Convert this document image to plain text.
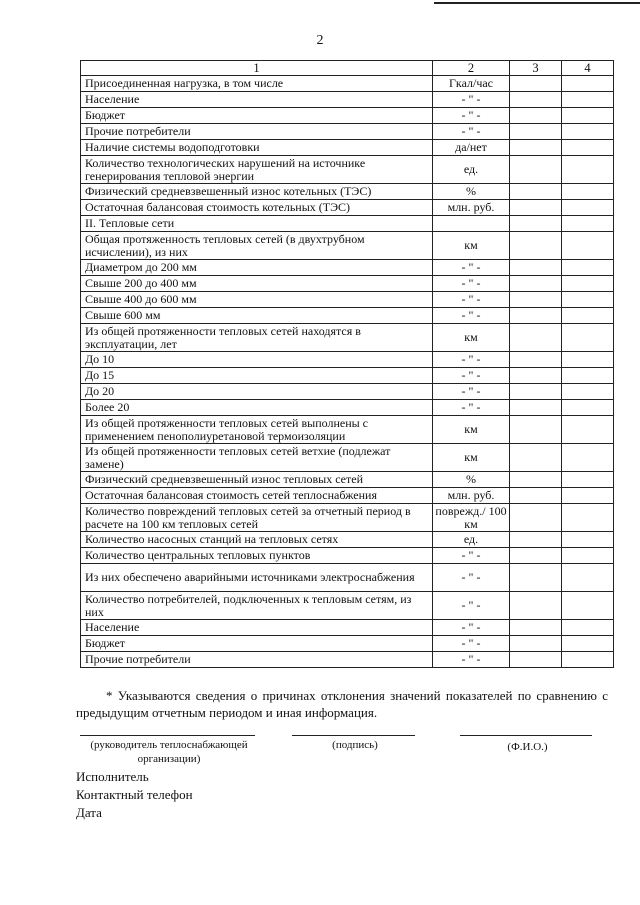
2
1	2	3	4
Присоединенная нагрузка, в том числе	Гкал/час		
Население	- " -		
Бюджет	- " -		
Прочие потребители	- " -		
Наличие системы водоподготовки	да/нет		
Количество технологических нарушений на источнике генерирования тепловой энергии	ед.		
Физический средневзвешенный износ котельных (ТЭС)	%		
Остаточная балансовая стоимость котельных (ТЭС)	млн. руб.		
II. Тепловые сети			
Общая протяженность тепловых сетей (в двухтрубном исчислении), из них	км		
Диаметром до 200 мм	- " -		
Свыше 200 до 400 мм	- " -		
Свыше 400 до 600 мм	- " -		
Свыше 600 мм	- " -		
Из общей протяженности тепловых сетей находятся в эксплуатации, лет	км		
До 10	- " -		
До 15	- " -		
До 20	- " -		
Более 20	- " -		
Из общей протяженности тепловых сетей выполнены с применением пенополиуретановой термоизоляции	км		
Из общей протяженности тепловых сетей ветхие (подлежат замене)	км		
Физический средневзвешенный износ тепловых сетей	%		
Остаточная балансовая стоимость сетей теплоснабжения	млн. руб.		
Количество повреждений тепловых сетей за отчетный период в расчете на 100 км тепловых сетей	поврежд./ 100 км		
Количество насосных станций на тепловых сетях	ед.		
Количество центральных тепловых пунктов	- " -		
Из них обеспечено аварийными источниками электроснабжения	- " -		
Количество потребителей, подключенных к тепловым сетям, из них	- " -		
Население	- " -		
Бюджет	- " -		
Прочие потребители	- " -		
* Указываются сведения о причинах отклонения значений показателей по сравнению с предыдущим отчетным периодом и иная информация.
(руководитель теплоснабжающей организации)
(подпись)	(Ф.И.О.)
Исполнитель
Контактный телефон
Дата
